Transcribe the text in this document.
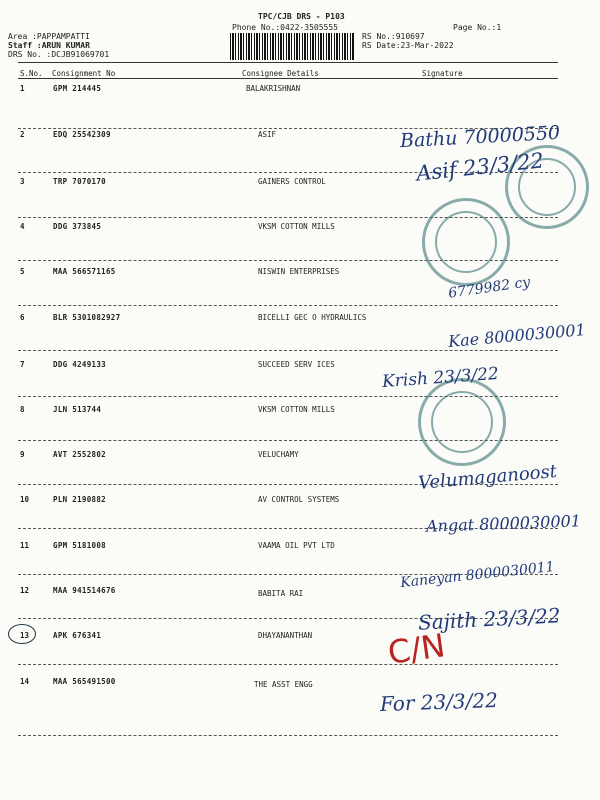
TPC/CJB DRS - P103
Phone No.:0422-3505555	Page No.:1
Area :PAPPAMPATTI
Staff :ARUN KUMAR
DRS No. :DCJB91069701
RS No.:910697
RS Date:23-Mar-2022
S.No. Consignment No	Consignee Details	Signature
1	GPM 214445	BALAKRISHNAN
2	EDQ 25542309	ASIF
3	TRP 7070170	GAINERS CONTROL
4	DDG 373845	VKSM COTTON MILLS
5	MAA 566571165	NISWIN ENTERPRISES
6	BLR 5301082927	BICELLI GEC O HYDRAULICS
7	DDG 4249133	SUCCEED SERV ICES
8	JLN 513744	VKSM COTTON MILLS
9	AVT 2552802	VELUCHAMY
10	PLN 2190882	AV CONTROL SYSTEMS
11	GPM 5181008	VAAMA OIL PVT LTD
12	MAA 941514676	BABITA RAI
13	APK 676341	DHAYANANTHAN
14	MAA 565491500	THE ASST ENGG
Bathu 70000550
Asif 23/3/22
6779982 cy
Kae 8000030001
Krish 23/3/22
Velumaganoost
Angat 8000030001
Kaneyan 8000030011
Sajith 23/3/22
For 23/3/22
C/N
